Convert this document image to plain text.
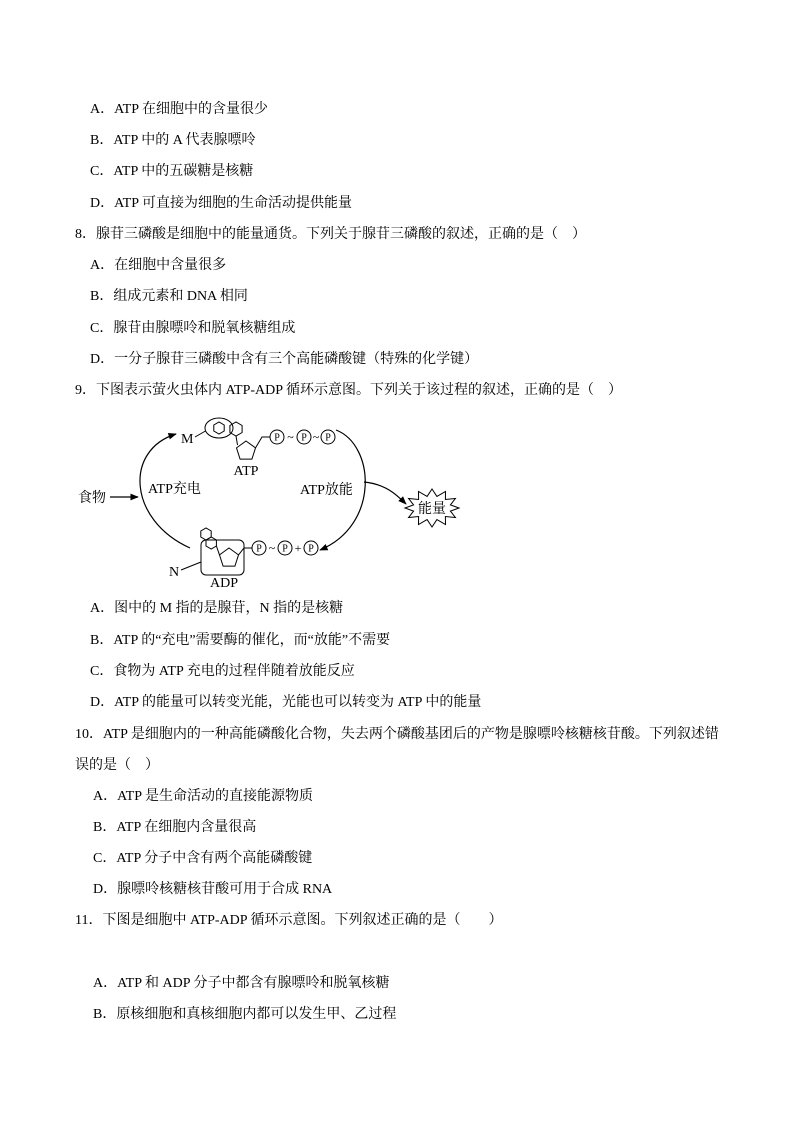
A．ATP 在细胞中的含量很少
B．ATP 中的 A 代表腺嘌呤
C．ATP 中的五碳糖是核糖
D．ATP 可直接为细胞的生命活动提供能量
8．腺苷三磷酸是细胞中的能量通货。下列关于腺苷三磷酸的叙述，正确的是（　）
A．在细胞中含量很多
B．组成元素和 DNA 相同
C．腺苷由腺嘌呤和脱氧核糖组成
D．一分子腺苷三磷酸中含有三个高能磷酸键（特殊的化学键）
9．下图表示萤火虫体内 ATP-ADP 循环示意图。下列关于该过程的叙述，正确的是（　）
P ~ P ~ P
M
ATP
P ~ P + P
N
ADP
食物
ATP充电	ATP放能
能量
A．图中的 M 指的是腺苷，N 指的是核糖
B．ATP 的“充电”需要酶的催化，而“放能”不需要
C．食物为 ATP 充电的过程伴随着放能反应
D．ATP 的能量可以转变光能，光能也可以转变为 ATP 中的能量
10．ATP 是细胞内的一种高能磷酸化合物，失去两个磷酸基团后的产物是腺嘌呤核糖核苷酸。下列叙述错
误的是（　）
A．ATP 是生命活动的直接能源物质
B．ATP 在细胞内含量很高
C．ATP 分子中含有两个高能磷酸键
D．腺嘌呤核糖核苷酸可用于合成 RNA
11．下图是细胞中 ATP-ADP 循环示意图。下列叙述正确的是（　　）
A．ATP 和 ADP 分子中都含有腺嘌呤和脱氧核糖
B．原核细胞和真核细胞内都可以发生甲、乙过程
